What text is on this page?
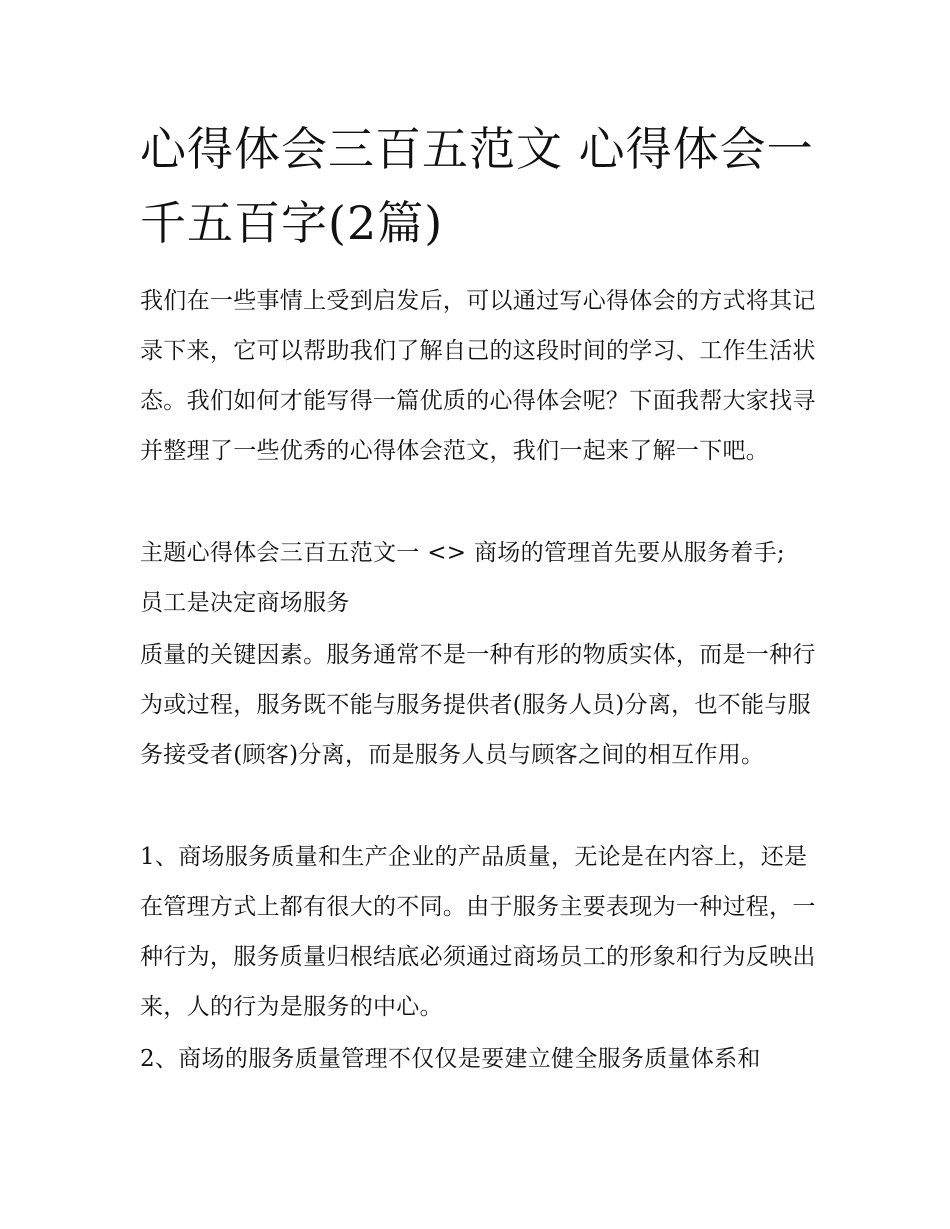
心得体会三百五范文 心得体会一千五百字(2篇)

我们在一些事情上受到启发后，可以通过写心得体会的方式将其记录下来，它可以帮助我们了解自己的这段时间的学习、工作生活状态。我们如何才能写得一篇优质的心得体会呢？下面我帮大家找寻并整理了一些优秀的心得体会范文，我们一起来了解一下吧。

主题心得体会三百五范文一 <> 商场的管理首先要从服务着手;
员工是决定商场服务

质量的关键因素。服务通常不是一种有形的物质实体，而是一种行为或过程，服务既不能与服务提供者(服务人员)分离，也不能与服务接受者(顾客)分离，而是服务人员与顾客之间的相互作用。

1、商场服务质量和生产企业的产品质量，无论是在内容上，还是在管理方式上都有很大的不同。由于服务主要表现为一种过程，一种行为，服务质量归根结底必须通过商场员工的形象和行为反映出来，人的行为是服务的中心。

2、商场的服务质量管理不仅仅是要建立健全服务质量体系和
